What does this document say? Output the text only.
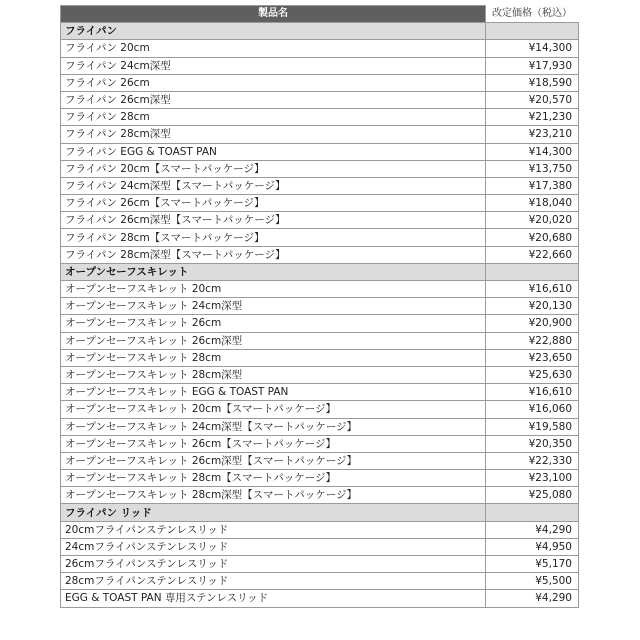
製品名	改定価格（税込）
フライパン	
フライパン 20cm	¥14,300
フライパン 24cm深型	¥17,930
フライパン 26cm	¥18,590
フライパン 26cm深型	¥20,570
フライパン 28cm	¥21,230
フライパン 28cm深型	¥23,210
フライパン EGG & TOAST PAN	¥14,300
フライパン 20cm【スマートパッケージ】	¥13,750
フライパン 24cm深型【スマートパッケージ】	¥17,380
フライパン 26cm【スマートパッケージ】	¥18,040
フライパン 26cm深型【スマートパッケージ】	¥20,020
フライパン 28cm【スマートパッケージ】	¥20,680
フライパン 28cm深型【スマートパッケージ】	¥22,660
オープンセーフスキレット	
オープンセーフスキレット 20cm	¥16,610
オープンセーフスキレット 24cm深型	¥20,130
オープンセーフスキレット 26cm	¥20,900
オープンセーフスキレット 26cm深型	¥22,880
オープンセーフスキレット 28cm	¥23,650
オープンセーフスキレット 28cm深型	¥25,630
オープンセーフスキレット EGG & TOAST PAN	¥16,610
オープンセーフスキレット 20cm【スマートパッケージ】	¥16,060
オープンセーフスキレット 24cm深型【スマートパッケージ】	¥19,580
オープンセーフスキレット 26cm【スマートパッケージ】	¥20,350
オープンセーフスキレット 26cm深型【スマートパッケージ】	¥22,330
オープンセーフスキレット 28cm【スマートパッケージ】	¥23,100
オープンセーフスキレット 28cm深型【スマートパッケージ】	¥25,080
フライパン リッド	
20cmフライパンステンレスリッド	¥4,290
24cmフライパンステンレスリッド	¥4,950
26cmフライパンステンレスリッド	¥5,170
28cmフライパンステンレスリッド	¥5,500
EGG & TOAST PAN 専用ステンレスリッド	¥4,290
